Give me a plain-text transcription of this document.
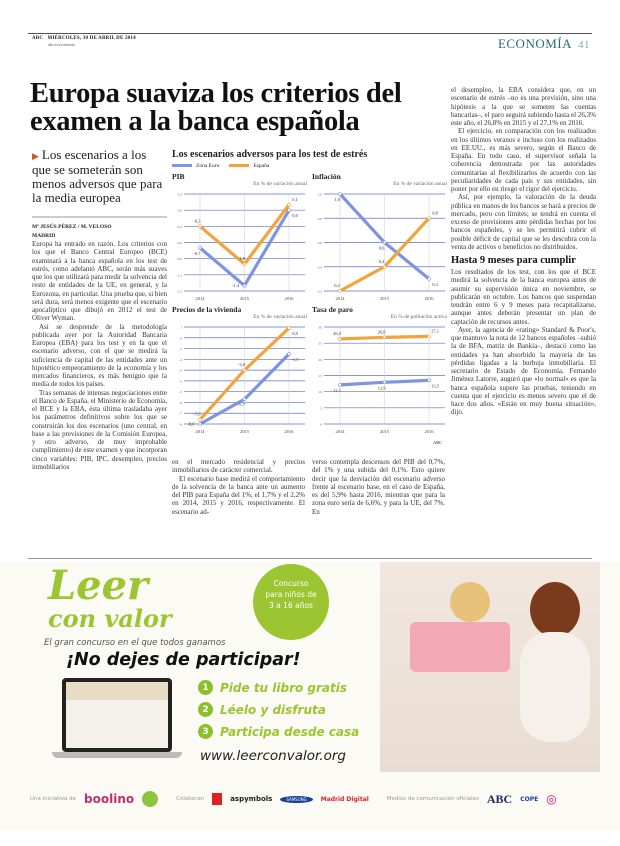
ABC MIÉRCOLES, 30 DE ABRIL DE 2014
abc.es/economia	ECONOMÍA 41
Europa suaviza los criterios del examen a la banca española
▶ Los escenarios a los que se someterán son menos adversos que para la media europea
Mª JESÚS PÉREZ / M. VELOSO
MADRID

Europa ha entrado en razón. Los criterios con los que el Banco Central Europeo (BCE) examinará a la banca española en los test de estrés, como adelantó ABC, serán más suaves que los que utilizará para medir la solvencia del resto de entidades de la UE, en general, y la Eurozona, en particular. Una prueba que, si bien será dura, será menos exigente que el escenario apocalíptico que dibujó en 2012 el test de Oliver Wyman.

Así se desprende de la metodología publicada ayer por la Autoridad Bancaria Europea (EBA) para los test y en la que el escenario adverso, con el que se medirá la suficiencia de capital de las entidades ante un hipotético empeoramiento de la economía y los mercados financieros, es más benigno que la media de todos los países.

Tras semanas de intensas negociaciones entre el Banco de España, el Ministerio de Economía, el BCE y la EBA, ésta última trasladaba ayer los parámetros definitivos sobre los que se construirán los dos escenarios (uno central, en base a las previsiones de la Comisión Europea, y otro adverso, de muy improbable cumplimiento) de este examen y que incorporan cinco variables: PIB, IPC, desempleo, precios inmobiliarios

en el mercado residencial y precios inmobiliarios de carácter comercial.

El escenario base medirá el comportamiento de la solvencia de la banca ante un aumento del PIB para España del 1%, el 1,7% y el 2,2% en 2014, 2015 y 2016, respectivamente. El escenario ad-

verso contempla descensos del PIB del 0,7%, del 1% y una subida del 0,1%. Esto quiere decir que la desviación del escenario adverso frente al escenario base, en el caso de España, es del 5,9% hasta 2016, mientras que para la zona euro sería de 6,6%, y para la UE, del 7%. En

el desempleo, la EBA considera que, en un escenario de estrés –no es una previsión, sino una hipótesis a la que se someten las cuentas bancarias–, el paro seguirá subiendo hasta el 26,3% este año, el 26,8% en 2015 y el 27,1% en 2016.

El ejercicio, en comparación con los realizados en los últimos veranos e incluso con los realizados en EE.UU., es más severo, según el Banco de España. En todo caso, el supervisor señala la coherencia demostrada por las autoridades comunitarias al flexibilizarlos de acuerdo con las peculiaridades de cada país y sus entidades, sin poner por ello en riesgo el rigor del ejercicio.

Así, por ejemplo, la valoración de la deuda pública en manos de los bancos se hará a precios de mercado, pero con límites; se tendrá en cuenta el exceso de provisiones ante pérdidas hechas por los bancos españoles, y se les permitirá cubrir el posible déficit de capital que se les descubra con la venta de activos o beneficios no distribuidos.

Hasta 9 meses para cumplir

Los resultados de los test, con los que el BCE medirá la solvencia de la banca europea antes de asumir su supervisión única en noviembre, se publicarán en octubre. Los bancos que suspendan tendrán entre 6 y 9 meses para recapitalizarse, aunque antes deberán presentar un plan de captación de recursos antes.

Ayer, la agencia de «rating» Standard & Poor's, que mantuvo la nota de 12 bancos españoles –subió la de BFA, matriz de Bankia–, destacó como las entidades ya han absorbido la mayoría de las pérdidas ligadas a la burbuja inmobiliaria. El secretario de Estado de Economía, Fernando Jiménez Latorre, auguró que «lo normal» es que la banca española supere las pruebas, teniendo en cuenta que el ejercicio es menos severo que el de hace dos años. «Están en muy buena situación», dijo.

Los escenarios adversos para los test de estrés
Zona Euro	España
PIB
En % de variación anual
0,3
0,0
-0,3
-0,6
-0,9
-1,2
-1,5
2014	2015	2016
-0,7
-1,4
0,0
-0,3
-1,0
0,1
Inflación
En % de variación anual
1,0
0,8
0,6
0,4
0,2
2014	2015	2016
1,0
0,6
0,3
0,2
0,4
0,8
Precios de la vivienda
En % de variación anual
1
0
-1
-2
-3
-4
-5
-6
-7
-8
2014	2015	2016
-8,0
-5,7
-1,5
-7,6
-3,0
0,9
Tasa de paro
En % de población activa
30
25
20
15
10
5
0
2014	2015	2016
12,1
12,9	13,5
26,3	26,8	27,1
ABC
Leer
con valor
El gran concurso en el que todos ganamos
Concurso
para niños de
3 a 16 años
¡No dejes de participar!
1 Pide tu libro gratis
2 Léelo y disfruta
3 Participa desde casa
www.leerconvalor.org
Una iniciativa de boolino	Colaboran	aspymbols	SAMSUNG	Madrid Digital	Medios de comunicación oficiales ABC COPE ◎
